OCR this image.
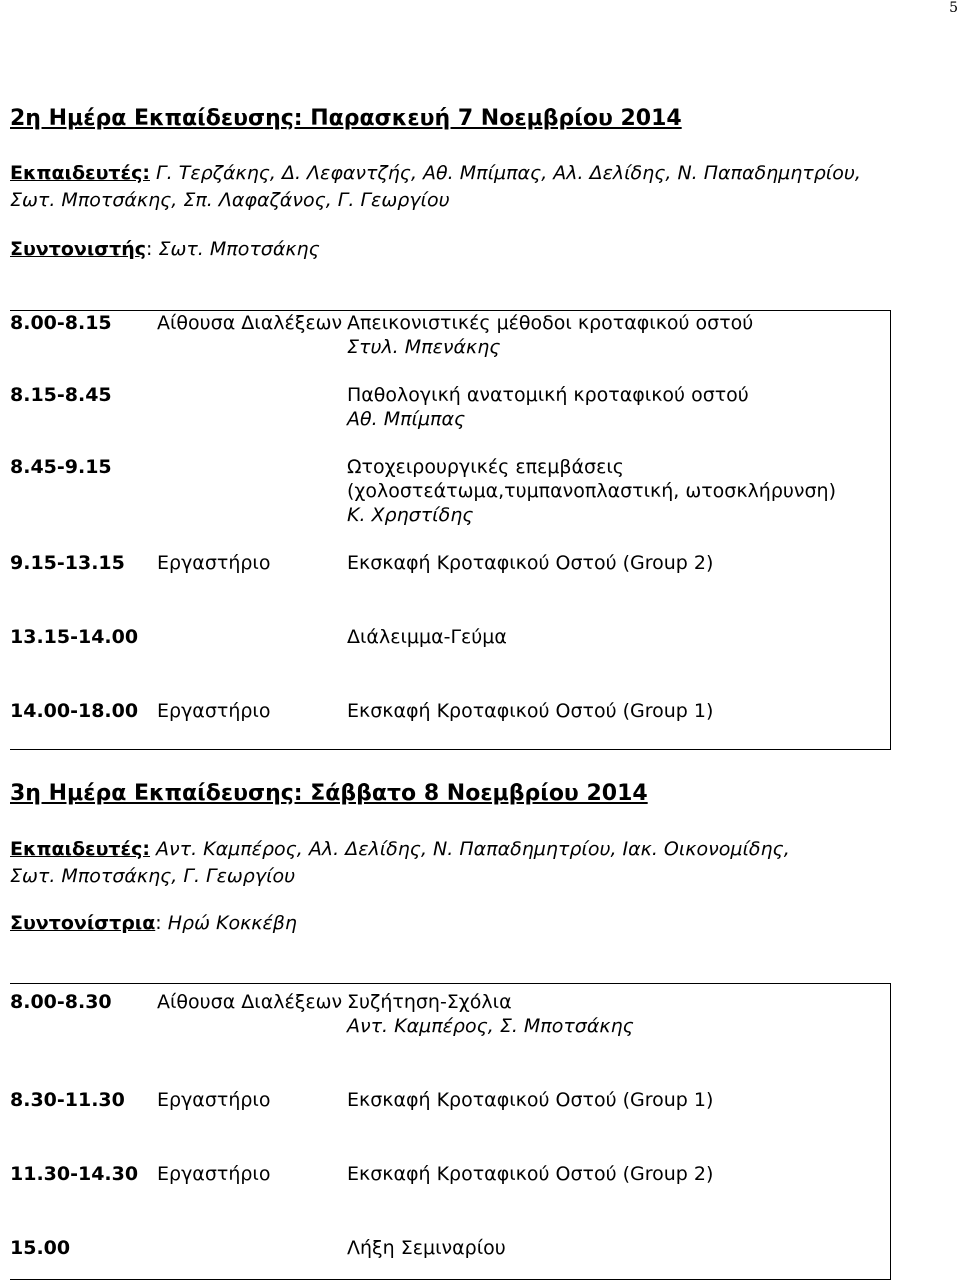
5
2η Ημέρα Εκπαίδευσης: Παρασκευή 7 Νοεμβρίου 2014
Εκπαιδευτές: Γ. Τερζάκης, Δ. Λεφαντζής, Αθ. Μπίμπας, Αλ. Δελίδης, Ν. Παπαδημητρίου,
Σωτ. Μποτσάκης, Σπ. Λαφαζάνος, Γ. Γεωργίου
Συντονιστής: Σωτ. Μποτσάκης
8.00-8.15	Αίθουσα Διαλέξεων	Απεικονιστικές μέθοδοι κροταφικού οστού
Στυλ. Μπενάκης

8.15-8.45		Παθολογική ανατομική κροταφικού οστού
Αθ. Μπίμπας

8.45-9.15		Ωτοχειρουργικές επεμβάσεις
(χολοστεάτωμα,τυμπανοπλαστική, ωτοσκλήρυνση)
Κ. Χρηστίδης

9.15-13.15	Εργαστήριο	Εκσκαφή Κροταφικού Οστού (Group 2)

13.15-14.00		Διάλειμμα-Γεύμα

14.00-18.00	Εργαστήριο	Εκσκαφή Κροταφικού Οστού (Group 1)

3η Ημέρα Εκπαίδευσης: Σάββατο 8 Νοεμβρίου 2014
Εκπαιδευτές: Αντ. Καμπέρος, Αλ. Δελίδης, Ν. Παπαδημητρίου, Ιακ. Οικονομίδης,
Σωτ. Μποτσάκης, Γ. Γεωργίου
Συντονίστρια: Ηρώ Κοκκέβη

8.00-8.30	Αίθουσα Διαλέξεων	Συζήτηση-Σχόλια
Αντ. Καμπέρος, Σ. Μποτσάκης

8.30-11.30	Εργαστήριο	Εκσκαφή Κροταφικού Οστού (Group 1)

11.30-14.30	Εργαστήριο	Εκσκαφή Κροταφικού Οστού (Group 2)

15.00		Λήξη Σεμιναρίου
